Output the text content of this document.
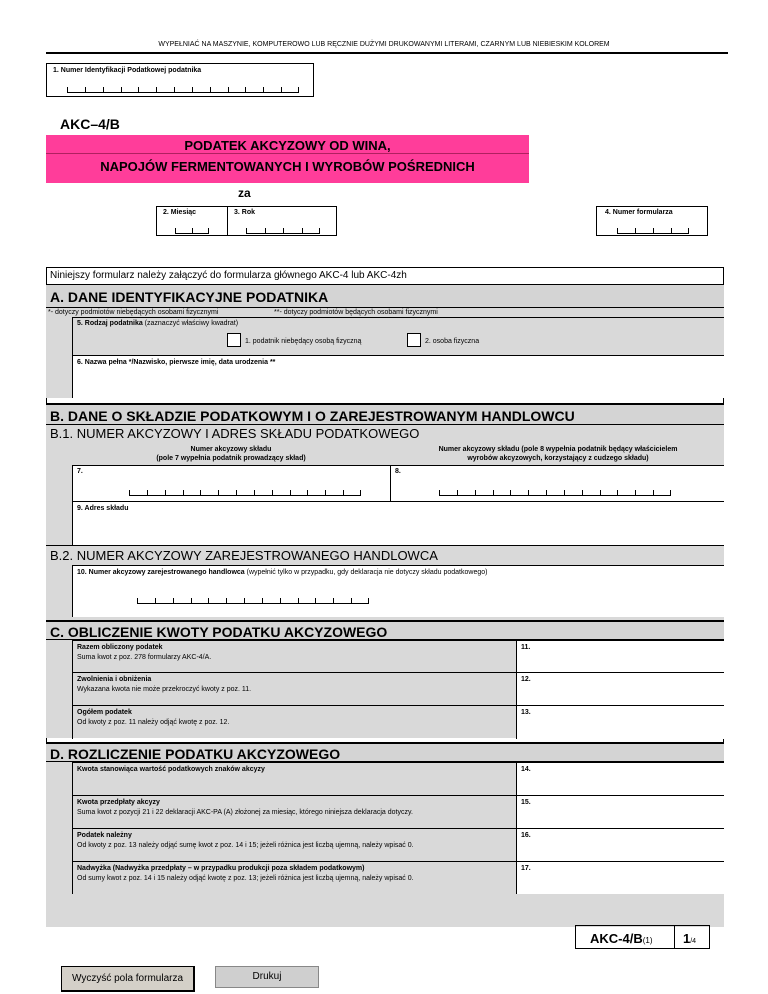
WYPEŁNIAĆ NA MASZYNIE, KOMPUTEROWO LUB RĘCZNIE DUŻYMI DRUKOWANYMI LITERAMI, CZARNYM LUB NIEBIESKIM KOLOREM
1. Numer Identyfikacji Podatkowej podatnika
AKC–4/B
PODATEK AKCYZOWY OD WINA,
NAPOJÓW FERMENTOWANYCH I WYROBÓW POŚREDNICH
za
2. Miesiąc	3. Rok	4. Numer formularza
Niniejszy formularz należy załączyć do formularza głównego AKC-4 lub AKC-4zh
A. DANE IDENTYFIKACYJNE PODATNIKA
*- dotyczy podmiotów niebędących osobami fizycznymi	**- dotyczy podmiotów będących osobami fizycznymi
5. Rodzaj podatnika (zaznaczyć właściwy kwadrat)
1. podatnik niebędący osobą fizyczną	2. osoba fizyczna
6. Nazwa pełna */Nazwisko, pierwsze imię, data urodzenia **
B. DANE O SKŁADZIE PODATKOWYM I O ZAREJESTROWANYM HANDLOWCU
B.1. NUMER AKCYZOWY I ADRES SKŁADU PODATKOWEGO
Numer akcyzowy składu
(pole 7 wypełnia podatnik prowadzący skład)
Numer akcyzowy składu (pole 8 wypełnia podatnik będący właścicielem
wyrobów akcyzowych, korzystający z cudzego składu)
7.	8.
9. Adres składu
B.2. NUMER AKCYZOWY ZAREJESTROWANEGO HANDLOWCA
10. Numer akcyzowy zarejestrowanego handlowca (wypełnić tylko w przypadku, gdy deklaracja nie dotyczy składu podatkowego)
C. OBLICZENIE KWOTY PODATKU AKCYZOWEGO
Razem obliczony podatek
Suma kwot z poz. 278 formularzy AKC-4/A.
11.
Zwolnienia i obniżenia
Wykazana kwota nie może przekroczyć kwoty z poz. 11.
12.
Ogółem podatek
Od kwoty z poz. 11 należy odjąć kwotę z poz. 12.
13.
D. ROZLICZENIE PODATKU AKCYZOWEGO
Kwota stanowiąca wartość podatkowych znaków akcyzy	14.
Kwota przedpłaty akcyzy
Suma kwot z pozycji 21 i 22 deklaracji AKC-PA (A) złożonej za miesiąc, którego niniejsza deklaracja dotyczy.
15.
Podatek należny
Od kwoty z poz. 13 należy odjąć sumę kwot z poz. 14 i 15; jeżeli różnica jest liczbą ujemną, należy wpisać 0.
16.
Nadwyżka (Nadwyżka przedpłaty – w przypadku produkcji poza składem podatkowym)
Od sumy kwot z poz. 14 i 15 należy odjąć kwotę z poz. 13; jeżeli różnica jest liczbą ujemną, należy wpisać 0.
17.
AKC-4/B(1) 1/4
Wyczyść pola formularza	Drukuj
